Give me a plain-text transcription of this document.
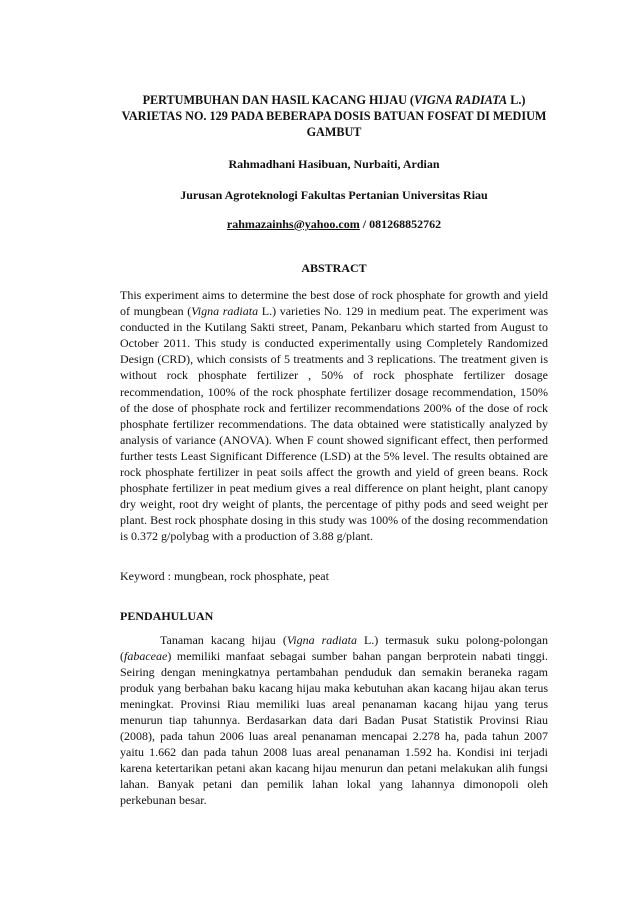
PERTUMBUHAN DAN HASIL KACANG HIJAU (VIGNA RADIATA L.) VARIETAS NO. 129 PADA BEBERAPA DOSIS BATUAN FOSFAT DI MEDIUM GAMBUT

Rahmadhani Hasibuan, Nurbaiti, Ardian
Jurusan Agroteknologi Fakultas Pertanian Universitas Riau
rahmazainhs@yahoo.com / 081268852762
ABSTRACT
This experiment aims to determine the best dose of rock phosphate for growth and yield of mungbean (Vigna radiata L.) varieties No. 129 in medium peat. The experiment was conducted in the Kutilang Sakti street, Panam, Pekanbaru which started from August to October 2011. This study is conducted experimentally using Completely Randomized Design (CRD), which consists of 5 treatments and 3 replications. The treatment given is without rock phosphate fertilizer , 50% of rock phosphate fertilizer dosage recommendation, 100% of the rock phosphate fertilizer dosage recommendation, 150% of the dose of phosphate rock and fertilizer recommendations 200% of the dose of rock phosphate fertilizer recommendations. The data obtained were statistically analyzed by analysis of variance (ANOVA). When F count showed significant effect, then performed further tests Least Significant Difference (LSD) at the 5% level. The results obtained are rock phosphate fertilizer in peat soils affect the growth and yield of green beans. Rock phosphate fertilizer in peat medium gives a real difference on plant height, plant canopy dry weight, root dry weight of plants, the percentage of pithy pods and seed weight per plant. Best rock phosphate dosing in this study was 100% of the dosing recommendation is 0.372 g/polybag with a production of 3.88 g/plant.
Keyword : mungbean, rock phosphate, peat
PENDAHULUAN
Tanaman kacang hijau (Vigna radiata L.) termasuk suku polong-polongan (fabaceae) memiliki manfaat sebagai sumber bahan pangan berprotein nabati tinggi. Seiring dengan meningkatnya pertambahan penduduk dan semakin beraneka ragam produk yang berbahan baku kacang hijau maka kebutuhan akan kacang hijau akan terus meningkat. Provinsi Riau memiliki luas areal penanaman kacang hijau yang terus menurun tiap tahunnya. Berdasarkan data dari Badan Pusat Statistik Provinsi Riau (2008), pada tahun 2006 luas areal penanaman mencapai 2.278 ha, pada tahun 2007 yaitu 1.662 dan pada tahun 2008 luas areal penanaman 1.592 ha. Kondisi ini terjadi karena ketertarikan petani akan kacang hijau menurun dan petani melakukan alih fungsi lahan. Banyak petani dan pemilik lahan lokal yang lahannya dimonopoli oleh perkebunan besar.
